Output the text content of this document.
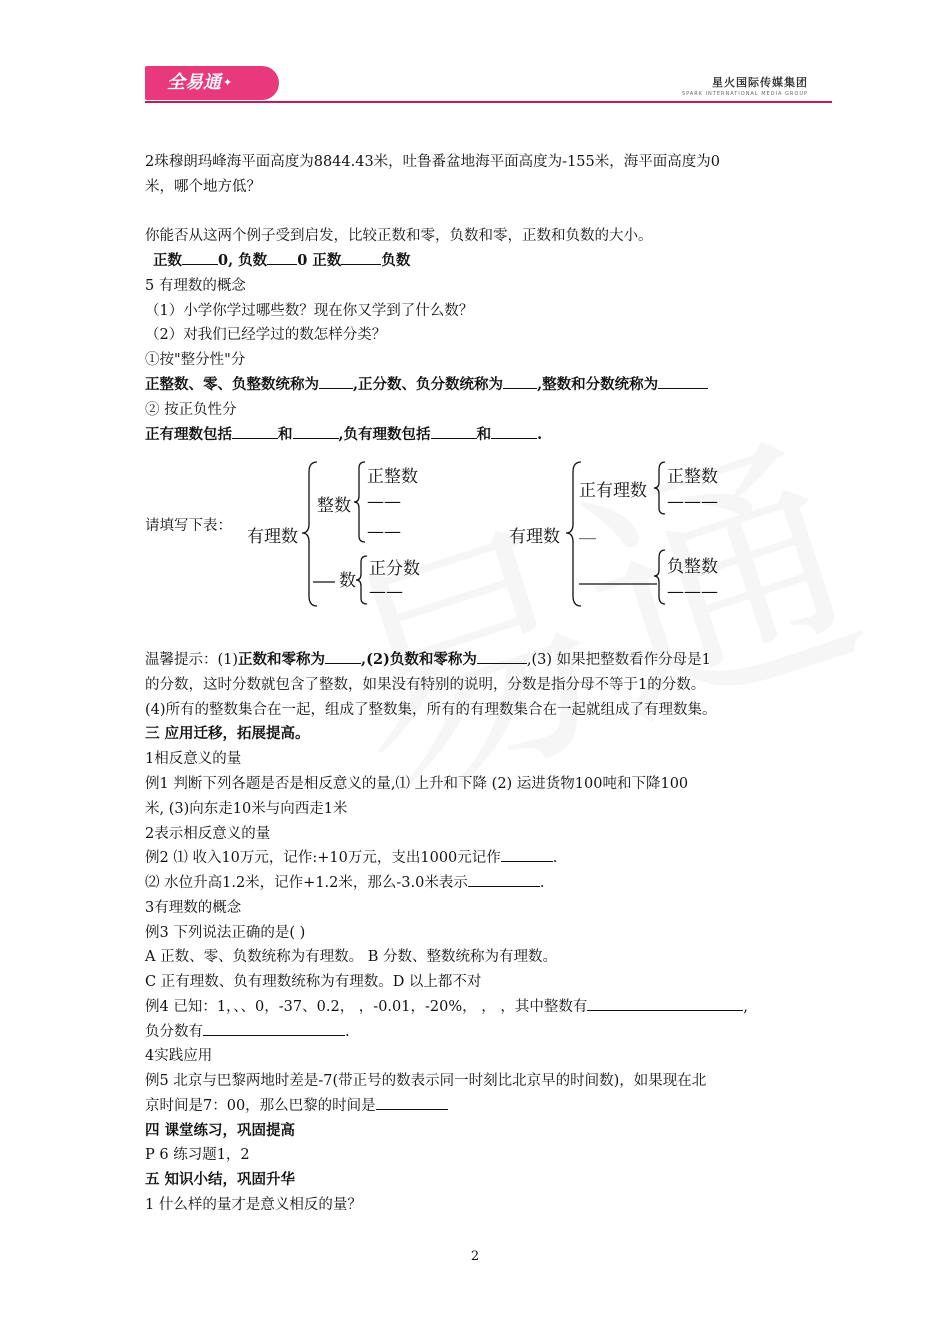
全易通 ✦	星火国际传媒集团
SPARK INTERNATIONAL MEDIA GROUP
2珠穆朗玛峰海平面高度为8844.43米，吐鲁番盆地海平面高度为-155米，海平面高度为0
米，哪个地方低？
你能否从这两个例子受到启发，比较正数和零，负数和零，正数和负数的大小。
正数 0, 负数 0 正数	负数
5 有理数的概念
（1）小学你学过哪些数？现在你又学到了什么数？
（2）对我们已经学过的数怎样分类？
①按"整分性"分
正整数、零、负整数统称为 ,正分数、负分数统称为 ,整数和分数统称为
② 按正负性分
正有理数包括	和	,负有理数包括	和	.
请填写下表：
有理数
整数
正整数
——
——
数
正分数
——
有理数
正有理数
正整数
———
__
负整数
———
温馨提示：(1)正数和零称为 ,(2)负数和零称为	,(3) 如果把整数看作分母是1
的分数，这时分数就包含了整数，如果没有特别的说明，分数是指分母不等于1的分数。
(4)所有的整数集合在一起，组成了整数集，所有的有理数集合在一起就组成了有理数集。
三 应用迁移，拓展提高。
1相反意义的量
例1 判断下列各题是否是相反意义的量,⑴ 上升和下降 (2) 运进货物100吨和下降100
米, (3)向东走10米与向西走1米
2表示相反意义的量
例2 ⑴ 收入10万元，记作:+10万元，支出1000元记作	.
⑵ 水位升高1.2米，记作+1.2米，那么-3.0米表示	.
3有理数的概念
例3 下列说法正确的是( )
A 正数、零、负数统称为有理数。 B 分数、整数统称为有理数。
C 正有理数、负有理数统称为有理数。D 以上都不对
例4 已知：1，、、0，-37、0.2， ，-0.01，-20%， ， ，其中整数有	,
负分数有	.
4实践应用
例5 北京与巴黎两地时差是-7(带正号的数表示同一时刻比北京早的时间数)，如果现在北
京时间是7：00，那么巴黎的时间是
四 课堂练习，巩固提高
P 6 练习题1，2
五 知识小结，巩固升华
1 什么样的量才是意义相反的量？
2
